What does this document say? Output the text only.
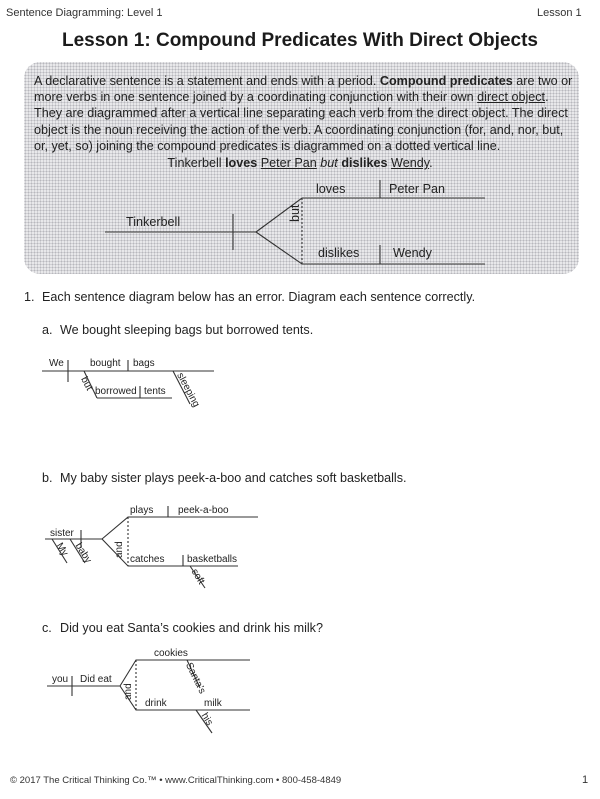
Sentence Diagramming: Level 1	Lesson 1
Lesson 1: Compound Predicates With Direct Objects
A declarative sentence is a statement and ends with a period. Compound predicates are two or more verbs in one sentence joined by a coordinating conjunction with their own direct object. They are diagrammed after a vertical line separating each verb from the direct object. The direct object is the noun receiving the action of the verb. A coordinating conjunction (for, and, nor, but, or, yet, so) joining the compound predicates is diagrammed on a dotted vertical line.
Tinkerbell loves Peter Pan but dislikes Wendy.
Tinkerbell
loves	Peter Pan
but
dislikes	Wendy
1. Each sentence diagram below has an error. Diagram each sentence correctly.
a. We bought sleeping bags but borrowed tents.
We	bought bags
but borrowed tents sleeping
b. My baby sister plays peek-a-boo and catches soft basketballs.
sister
My baby and
plays peek-a-boo
catches basketballs
soft
c. Did you eat Santa’s cookies and drink his milk?
you Did eat
and
cookies
Santa’s
drink	milk
his
© 2017 The Critical Thinking Co.™ • www.CriticalThinking.com • 800-458-4849	1
